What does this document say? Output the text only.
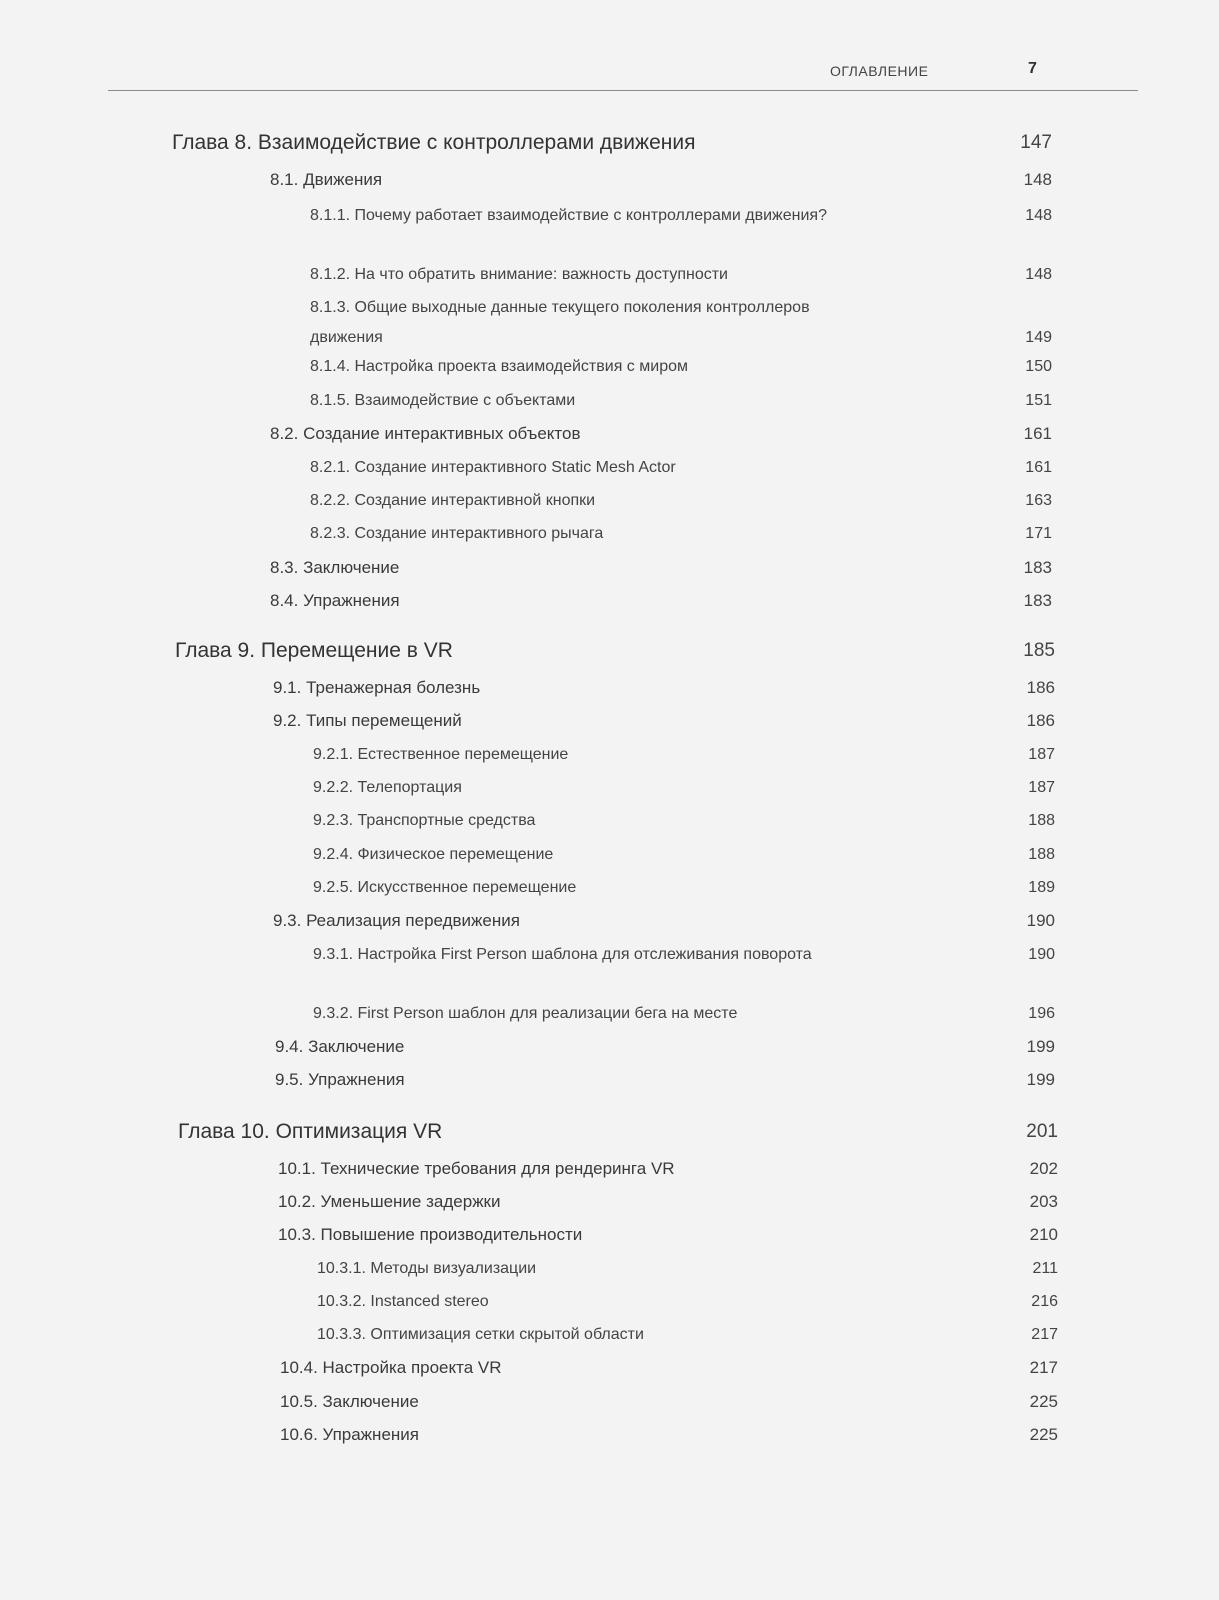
ОГЛАВЛЕНИЕ	7
Глава 8. Взаимодействие с контроллерами движения	147
8.1. Движения	148
8.1.1. Почему работает взаимодействие с контроллерами движения?	148
8.1.2. На что обратить внимание: важность доступности	148
8.1.3. Общие выходные данные текущего поколения контроллеров движения	149
8.1.4. Настройка проекта взаимодействия с миром	150
8.1.5. Взаимодействие с объектами	151
8.2. Создание интерактивных объектов	161
8.2.1. Создание интерактивного Static Mesh Actor	161
8.2.2. Создание интерактивной кнопки	163
8.2.3. Создание интерактивного рычага	171
8.3. Заключение	183
8.4. Упражнения	183
Глава 9. Перемещение в VR	185
9.1. Тренажерная болезнь	186
9.2. Типы перемещений	186
9.2.1. Естественное перемещение	187
9.2.2. Телепортация	187
9.2.3. Транспортные средства	188
9.2.4. Физическое перемещение	188
9.2.5. Искусственное перемещение	189
9.3. Реализация передвижения	190
9.3.1. Настройка First Person шаблона для отслеживания поворота	190
9.3.2. First Person шаблон для реализации бега на месте	196
9.4. Заключение	199
9.5. Упражнения	199
Глава 10. Оптимизация VR	201
10.1. Технические требования для рендеринга VR	202
10.2. Уменьшение задержки	203
10.3. Повышение производительности	210
10.3.1. Методы визуализации	211
10.3.2. Instanced stereo	216
10.3.3. Оптимизация сетки скрытой области	217
10.4. Настройка проекта VR	217
10.5. Заключение	225
10.6. Упражнения	225
